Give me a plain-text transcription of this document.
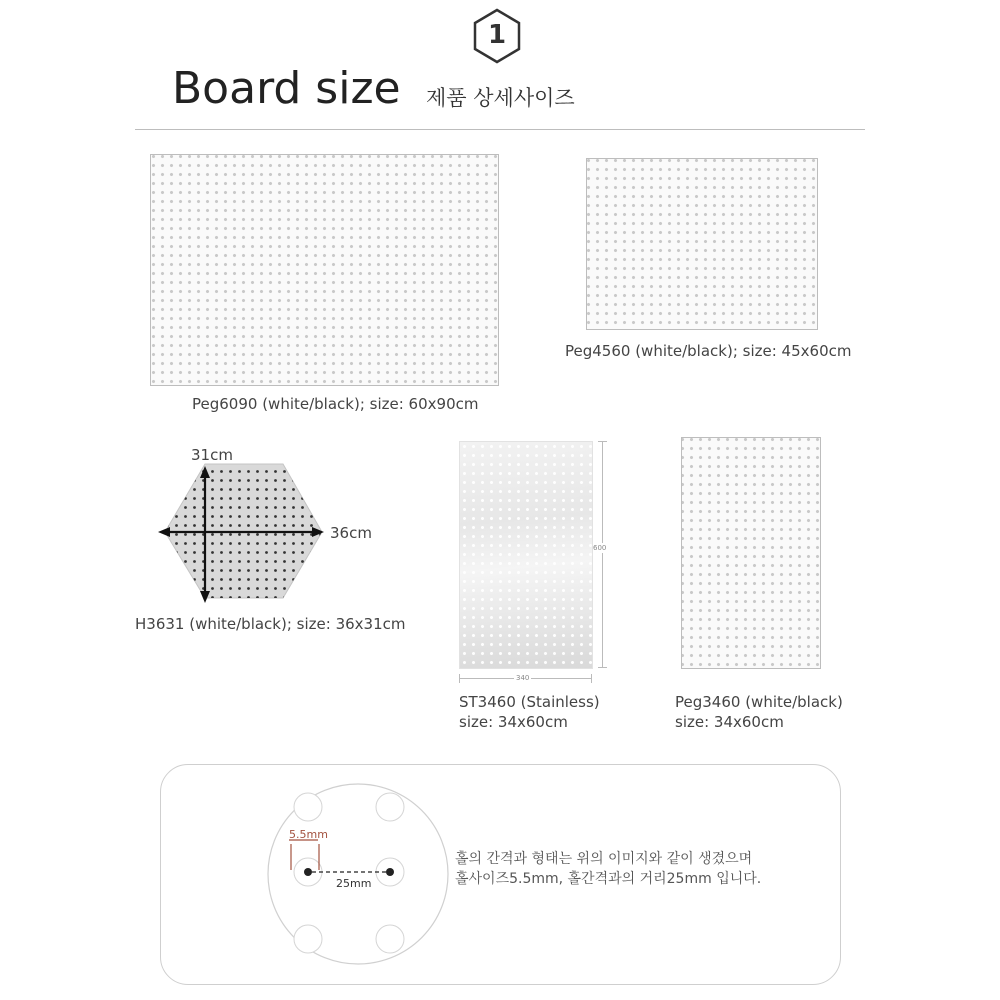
1
Board size 제품 상세사이즈
Peg6090 (white/black); size: 60x90cm
Peg4560 (white/black); size: 45x60cm
31cm
36cm
H3631 (white/black); size: 36x31cm
600
340
ST3460 (Stainless)
size: 34x60cm
Peg3460 (white/black)
size: 34x60cm
5.5mm
25mm
홀의 간격과 형태는 위의 이미지와 같이 생겼으며
홀사이즈5.5mm, 홀간격과의 거리25mm 입니다.
